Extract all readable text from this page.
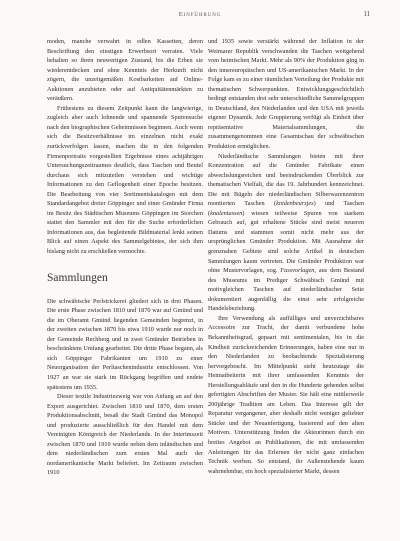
Einführung	11

moden, manche verwahrt in edlen Kassetten, deren Beschriftung den einstigen Erwerbsort verraten. Viele behalten so ihren neuwertigen Zustand, bis die Erben sie wiederentdecken und ohne Kenntnis der Herkunft nicht zögern, die unzeitgemäßen Kostbarkeiten auf Online-Auktionen anzubieten oder auf Antiquitätenmärkten zu veräußern.

Frühestens zu diesem Zeitpunkt kann die langwierige, zugleich aber auch lohnende und spannende Spurensuche nach den biographischen Geheimnissen beginnen. Auch wenn sich die Besitzverhältnisse im einzelnen nicht exakt zurückverfolgen lassen, machen die in den folgenden Firmenportraits vorgestellten Ergebnisse eines achtjährigen Untersuchungszeitraumes deutlich, dass Taschen und Beutel durchaus sich mitzuteilen verstehen und wichtige Informationen zu den Geflogenheit einer Epoche besitzen. Die Bearbeitung von vier Sortimentskatalogen mit dem Standardangebot dreier Göppinger und einer Gmünder Firma im Besitz des Städtischen Museums Göppingen im Storchen stattet den Sammler mit den für die Suche erforderlichen Informationen aus, das begleitende Bildmaterial lenkt seinen Blick auf einen Aspekt des Sammelgebietes, der sich ihm bislang nicht zu erschließen vermochte.

Sammlungen

Die schwäbische Perlstrickerei gliedert sich in drei Phasen. Die erste Phase zwischen 1810 und 1870 war auf Gmünd und die im Oberamt Gmünd liegenden Gemeinden begrenzt, in der zweiten zwischen 1870 bis etwa 1910 wurde nur noch in der Gemeinde Rechberg und in zwei Gmünder Betrieben in beschränktem Umfang gearbeitet. Die dritte Phase begann, als sich Göppinger Fabrikanten um 1910 zu einer Neuorganisation der Perltaschenindustrie entschlossen. Von 1927 an war sie stark im Rückgang begriffen und endete spätestens um 1935.

Dieser textile Industriezweig war von Anfang an auf den Export ausgerichtet. Zwischen 1810 und 1870, dem ersten Produktionsabschnitt, besaß die Stadt Gmünd das Monopol und produzierte ausschließlich für den Handel mit dem Vereinigten Königreich der Niederlande. In der Interimszeit zwischen 1870 und 1910 wurde neben dem inländischen und dem niederländischen zum ersten Mal auch der nordamerikanische Markt beliefert. Im Zeitraum zwischen 1910

und 1935 sowie verstärkt während der Inflation in der Weimarer Republik verschwanden die Taschen weitgehend vom heimischen Markt. Mehr als 90% der Produktion ging in den innereuropäischen und US-amerikanischen Markt. In der Folge kam es zu einer räumlichen Verteilung der Produkte mit thematischen Schwerpunkten. Entwicklungsgeschichtlich bedingt entstanden drei sehr unterschiedliche Sammelgruppen in Deutschland, den Niederlanden und den USA mit jeweils eigener Dynamik. Jede Gruppierung verfügt als Einheit über repräsentative Materialsammlungen, die zusammengenommen eine Gesamtschau der schwäbischen Produktion ermöglichen.

Niederländische Sammlungen bieten mit ihrer Konzentration auf die Gmünder Fabrikate einen abwechslungsreichen und beeindruckenden Überblick zur thematischen Vielfalt, die das 19. Jahrhundert kennzeichnet. Die mit Bügeln der niederländischen Silberwarenzentren montierten Taschen (knidenbeursjes) und Taschen (knalentassen) wiesen teilweise Spuren von starkem Gebrauch auf, gut erhaltene Stücke sind meist neueren Datums und stammen somit nicht mehr aus der ursprünglichen Gmünder Produktion. Mit Ausnahme der grenznahen Gebiete sind solche Artikel in deutschen Sammlungen kaum vertreten. Die Gmünder Produktion war ohne Mustervorlagen, sog. Fassvorlagen, aus dem Bestand des Museums im Prediger Schwäbisch Gmünd mit motivgleichen Taschen auf niederländischer Seite dokumentiert augenfällig die einst sehr erfolgreiche Handelsbeziehung.

Ihre Verwendung als auffälliges und unverzichtbares Accessoire zur Tracht, der damit verbundene hohe Bekanntheitsgrad, gepaart mit sentimentalen, bis in die Kindheit zurückreichenden Erinnerungen, haben eine nur in den Niederlanden zu beobachtende Spezialisierung hervorgebracht. Im Mittelpunkt steht heutzutage die Heimatbeiterin mit ihrer umfassenden Kenntnis der Herstellungsabläufe und den in die Hunderte gehenden selbst gefertigten Abschriften der Muster. Sie hält eine mittlerweile 200jährige Tradition am Leben. Das Interesse gilt der Reparatur vergangener, aber deshalb nicht weniger geliebter Stücke und der Neuanfertigung, basierend auf den alten Motiven. Unterstützung finden die Akteurinnen durch ein breites Angebot an Publikationen, die mit umfassenden Anleitungen für das Erlernen der nicht ganz einfachen Technik werben. So entstand, ihr Außenstehende kaum wahrnehmbar, ein hoch spezialisierter Markt, dessen
